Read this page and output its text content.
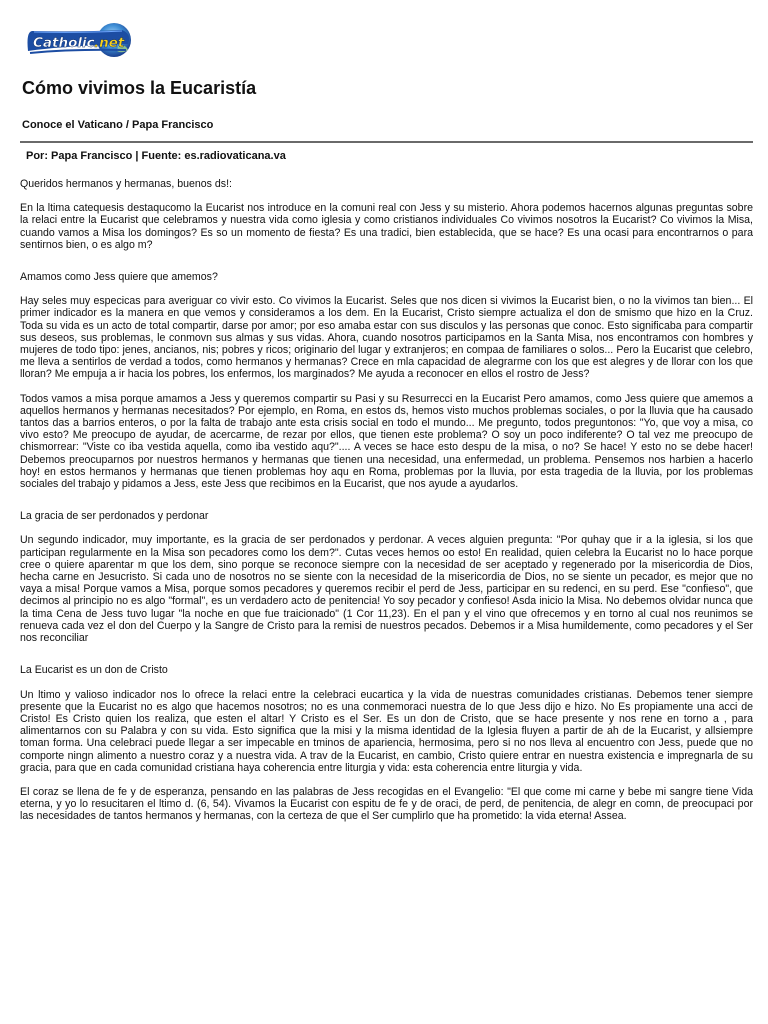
Catholic .net
Cómo vivimos la Eucaristía
Conoce el Vaticano / Papa Francisco
Por: Papa Francisco | Fuente: es.radiovaticana.va

Queridos hermanos y hermanas, buenos ds!:

En la ltima catequesis destaqucomo la Eucarist nos introduce en la comuni real con Jess y su misterio. Ahora podemos hacernos algunas preguntas sobre la relaci entre la Eucarist que celebramos y nuestra vida como iglesia y como cristianos individuales Co vivimos nosotros la Eucarist? Co vivimos la Misa, cuando vamos a Misa los domingos? Es so un momento de fiesta? Es una tradici, bien establecida, que se hace? Es una ocasi para encontrarnos o para sentirnos bien, o es algo m?

Amamos como Jess quiere que amemos?

Hay seles muy especicas para averiguar co vivir esto. Co vivimos la Eucarist. Seles que nos dicen si vivimos la Eucarist bien, o no la vivimos tan bien... El primer indicador es la manera en que vemos y consideramos a los dem. En la Eucarist, Cristo siempre actualiza el don de smismo que hizo en la Cruz. Toda su vida es un acto de total compartir, darse por amor; por eso amaba estar con sus disculos y las personas que conoc. Esto significaba para compartir sus deseos, sus problemas, le conmovn sus almas y sus vidas. Ahora, cuando nosotros participamos en la Santa Misa, nos encontramos con hombres y mujeres de todo tipo: jenes, ancianos, nis; pobres y ricos; originario del lugar y extranjeros; en compaa de familiares o solos... Pero la Eucarist que celebro, me lleva a sentirlos de verdad a todos, como hermanos y hermanas? Crece en mla capacidad de alegrarme con los que est alegres y de llorar con los que lloran? Me empuja a ir hacia los pobres, los enfermos, los marginados? Me ayuda a reconocer en ellos el rostro de Jess?

Todos vamos a misa porque amamos a Jess y queremos compartir su Pasi y su Resurrecci en la Eucarist Pero amamos, como Jess quiere que amemos a aquellos hermanos y hermanas necesitados? Por ejemplo, en Roma, en estos ds, hemos visto muchos problemas sociales, o por la lluvia que ha causado tantos das a barrios enteros, o por la falta de trabajo ante esta crisis social en todo el mundo... Me pregunto, todos preguntonos: "Yo, que voy a misa, co vivo esto? Me preocupo de ayudar, de acercarme, de rezar por ellos, que tienen este problema? O soy un poco indiferente? O tal vez me preocupo de chismorrear: "Viste co iba vestida aquella, como iba vestido aqu?".... A veces se hace esto despu de la misa, o no? Se hace! Y esto no se debe hacer! Debemos preocuparnos por nuestros hermanos y hermanas que tienen una necesidad, una enfermedad, un problema. Pensemos nos harbien a hacerlo hoy! en estos hermanos y hermanas que tienen problemas hoy aqu en Roma, problemas por la lluvia, por esta tragedia de la lluvia, por los problemas sociales del trabajo y pidamos a Jess, este Jess que recibimos en la Eucarist, que nos ayude a ayudarlos.

La gracia de ser perdonados y perdonar

Un segundo indicador, muy importante, es la gracia de ser perdonados y perdonar. A veces alguien pregunta: "Por quhay que ir a la iglesia, si los que participan regularmente en la Misa son pecadores como los dem?". Cutas veces hemos oo esto! En realidad, quien celebra la Eucarist no lo hace porque cree o quiere aparentar m que los dem, sino porque se reconoce siempre con la necesidad de ser aceptado y regenerado por la misericordia de Dios, hecha carne en Jesucristo. Si cada uno de nosotros no se siente con la necesidad de la misericordia de Dios, no se siente un pecador, es mejor que no vaya a misa! Porque vamos a Misa, porque somos pecadores y queremos recibir el perd de Jess, participar en su redenci, en su perd. Ese "confieso", que decimos al principio no es algo "formal", es un verdadero acto de penitencia! Yo soy pecador y confieso! Asda inicio la Misa. No debemos olvidar nunca que la tima Cena de Jess tuvo lugar "la noche en que fue traicionado" (1 Cor 11,23). En el pan y el vino que ofrecemos y en torno al cual nos reunimos se renueva cada vez el don del Cuerpo y la Sangre de Cristo para la remisi de nuestros pecados. Debemos ir a Misa humildemente, como pecadores y el Ser nos reconciliar

La Eucarist es un don de Cristo

Un ltimo y valioso indicador nos lo ofrece la relaci entre la celebraci eucartica y la vida de nuestras comunidades cristianas. Debemos tener siempre presente que la Eucarist no es algo que hacemos nosotros; no es una conmemoraci nuestra de lo que Jess dijo e hizo. No Es propiamente una acci de Cristo! Es Cristo quien los realiza, que esten el altar! Y Cristo es el Ser. Es un don de Cristo, que se hace presente y nos rene en torno a , para alimentarnos con su Palabra y con su vida. Esto significa que la misi y la misma identidad de la Iglesia fluyen a partir de ah de la Eucarist, y allsiempre toman forma. Una celebraci puede llegar a ser impecable en tminos de apariencia, hermosima, pero si no nos lleva al encuentro con Jess, puede que no comporte ningn alimento a nuestro coraz y a nuestra vida. A trav de la Eucarist, en cambio, Cristo quiere entrar en nuestra existencia e impregnarla de su gracia, para que en cada comunidad cristiana haya coherencia entre liturgia y vida: esta coherencia entre liturgia y vida.

El coraz se llena de fe y de esperanza, pensando en las palabras de Jess recogidas en el Evangelio: "El que come mi carne y bebe mi sangre tiene Vida eterna, y yo lo resucitaren el ltimo d. (6, 54). Vivamos la Eucarist con espitu de fe y de oraci, de perd, de penitencia, de alegr en comn, de preocupaci por las necesidades de tantos hermanos y hermanas, con la certeza de que el Ser cumplirlo que ha prometido: la vida eterna! Assea.
